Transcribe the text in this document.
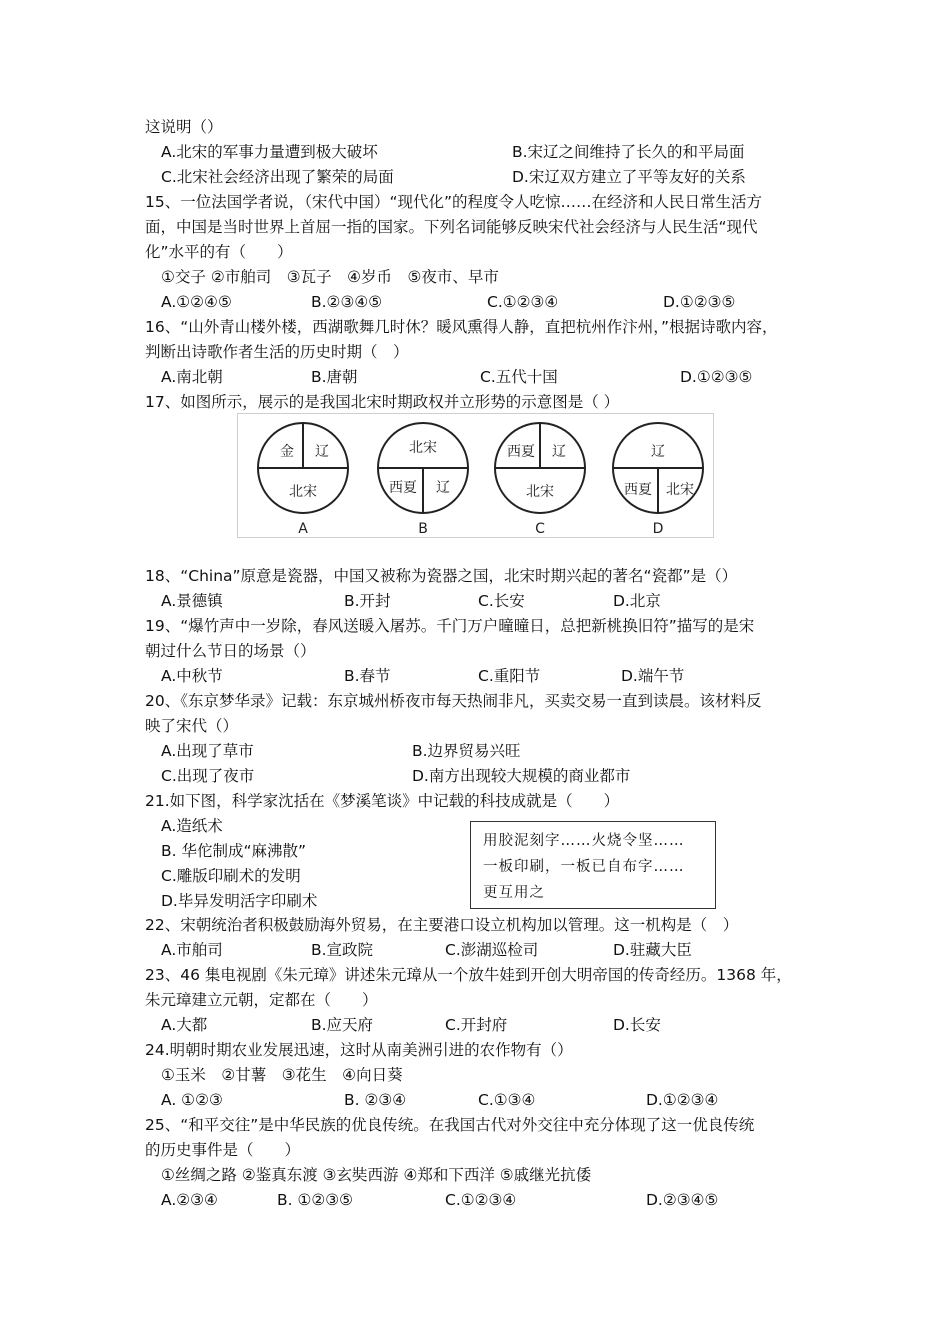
这说明（）
A.北宋的军事力量遭到极大破坏	B.宋辽之间维持了长久的和平局面
C.北宋社会经济出现了繁荣的局面	D.宋辽双方建立了平等友好的关系
15、一位法国学者说，（宋代中国）“现代化”的程度令人吃惊……在经济和人民日常生活方
面，中国是当时世界上首屈一指的国家。下列名词能够反映宋代社会经济与人民生活“现代
化”水平的有（　　）
①交子 ②市舶司　③瓦子　④岁币　⑤夜市、早市
A.①②④⑤	B.②③④⑤	C.①②③④	D.①②③⑤
16、“山外青山楼外楼，西湖歌舞几时休？暖风熏得人静，直把杭州作汴州，”根据诗歌内容，
判断出诗歌作者生活的历史时期（　）
A.南北朝	B.唐朝	C.五代十国	D.①②③⑤
17、如图所示，展示的是我国北宋时期政权并立形势的示意图是（ ）
金 辽
北宋
A
北宋
西夏 辽
B
西夏 辽
北宋
C
辽
西夏 北宋
D
18、“China”原意是瓷器，中国又被称为瓷器之国，北宋时期兴起的著名“瓷都”是（）
A.景德镇	B.开封	C.长安	D.北京
19、“爆竹声中一岁除，春风送暖入屠苏。千门万户曈曈日，总把新桃换旧符”描写的是宋
朝过什么节日的场景（）
A.中秋节	B.春节	C.重阳节	D.端午节
20、《东京梦华录》记载：东京城州桥夜市每天热闹非凡，买卖交易一直到读晨。该材料反
映了宋代（）
A.出现了草市	B.边界贸易兴旺
C.出现了夜市	D.南方出现较大规模的商业都市
21.如下图，科学家沈括在《梦溪笔谈》中记载的科技成就是（　　）
A.造纸术
B. 华佗制成“麻沸散”
C.雕版印刷术的发明
D.毕异发明活字印刷术
用胶泥刻字……火烧令坚……
一板印刷，一板已自布字……
更互用之
22、宋朝统治者积极鼓励海外贸易，在主要港口设立机构加以管理。这一机构是（　）
A.市舶司	B.宣政院	C.澎湖巡检司	D.驻藏大臣
23、46 集电视剧《朱元璋》讲述朱元璋从一个放牛娃到开创大明帝国的传奇经历。1368 年，
朱元璋建立元朝，定都在（　　）
A.大都	B.应天府	C.开封府	D.长安
24.明朝时期农业发展迅速，这时从南美洲引进的农作物有（）
①玉米　②甘薯　③花生　④向日葵
A. ①②③	B. ②③④	C.①③④	D.①②③④
25、“和平交往”是中华民族的优良传统。在我国古代对外交往中充分体现了这一优良传统
的历史事件是（　　）
①丝绸之路 ②鉴真东渡 ③玄奘西游 ④郑和下西洋 ⑤戚继光抗倭
A.②③④	B. ①②③⑤	C.①②③④	D.②③④⑤
